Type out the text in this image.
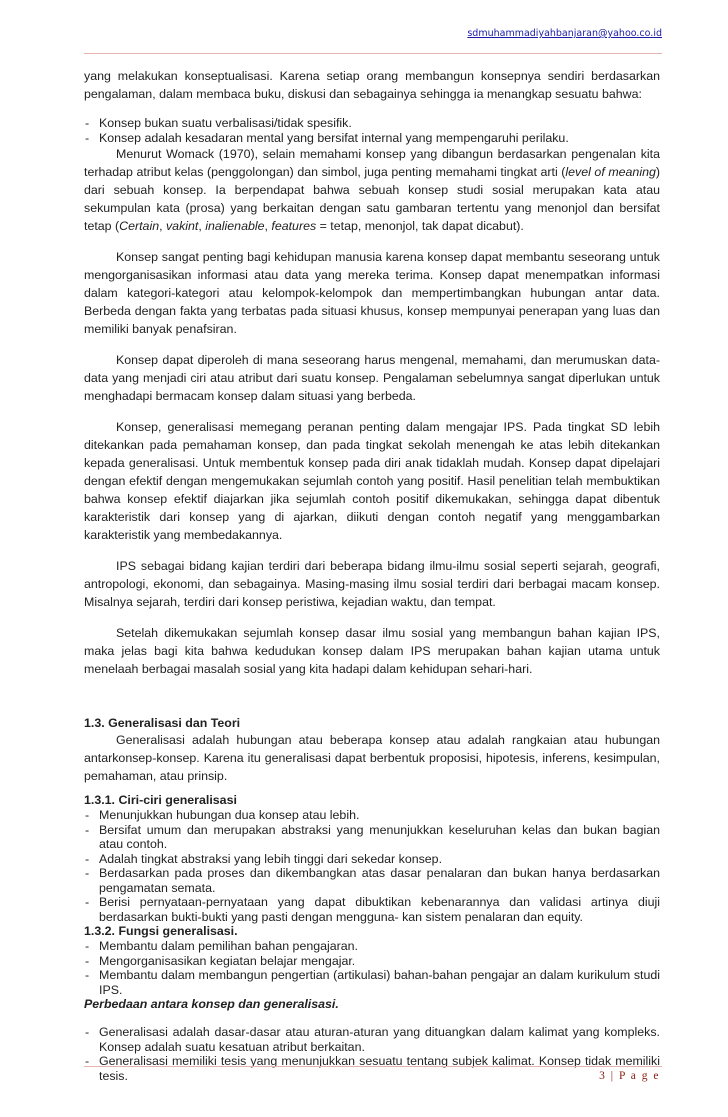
sdmuhammadiyahbanjaran@yahoo.co.id

yang melakukan konseptualisasi. Karena setiap orang membangun konsepnya sendiri berdasarkan pengalaman, dalam membaca buku, diskusi dan sebagainya sehingga ia menangkap sesuatu bahwa:

- Konsep bukan suatu verbalisasi/tidak spesifik.
- Konsep adalah kesadaran mental yang bersifat internal yang mempengaruhi perilaku.

Menurut Womack (1970), selain memahami konsep yang dibangun berdasarkan pengenalan kita terhadap atribut kelas (penggolongan) dan simbol, juga penting memahami tingkat arti (level of meaning) dari sebuah konsep. Ia berpendapat bahwa sebuah konsep studi sosial merupakan kata atau sekumpulan kata (prosa) yang berkaitan dengan satu gambaran tertentu yang menonjol dan bersifat tetap (Certain, vakint, inalienable, features = tetap, menonjol, tak dapat dicabut).

Konsep sangat penting bagi kehidupan manusia karena konsep dapat membantu seseorang untuk mengorganisasikan informasi atau data yang mereka terima. Konsep dapat menempatkan informasi dalam kategori-kategori atau kelompok-kelompok dan mempertimbangkan hubungan antar data. Berbeda dengan fakta yang terbatas pada situasi khusus, konsep mempunyai penerapan yang luas dan memiliki banyak penafsiran.

Konsep dapat diperoleh di mana seseorang harus mengenal, memahami, dan merumuskan data-data yang menjadi ciri atau atribut dari suatu konsep. Pengalaman sebelumnya sangat diperlukan untuk menghadapi bermacam konsep dalam situasi yang berbeda.

Konsep, generalisasi memegang peranan penting dalam mengajar IPS. Pada tingkat SD lebih ditekankan pada pemahaman konsep, dan pada tingkat sekolah menengah ke atas lebih ditekankan kepada generalisasi. Untuk membentuk konsep pada diri anak tidaklah mudah. Konsep dapat dipelajari dengan efektif dengan mengemukakan sejumlah contoh yang positif. Hasil penelitian telah membuktikan bahwa konsep efektif diajarkan jika sejumlah contoh positif dikemukakan, sehingga dapat dibentuk karakteristik dari konsep yang di ajarkan, diikuti dengan contoh negatif yang menggambarkan karakteristik yang membedakannya.

IPS sebagai bidang kajian terdiri dari beberapa bidang ilmu-ilmu sosial seperti sejarah, geografi, antropologi, ekonomi, dan sebagainya. Masing-masing ilmu sosial terdiri dari berbagai macam konsep. Misalnya sejarah, terdiri dari konsep peristiwa, kejadian waktu, dan tempat.

Setelah dikemukakan sejumlah konsep dasar ilmu sosial yang membangun bahan kajian IPS, maka jelas bagi kita bahwa kedudukan konsep dalam IPS merupakan bahan kajian utama untuk menelaah berbagai masalah sosial yang kita hadapi dalam kehidupan sehari-hari.

1.3. Generalisasi dan Teori

Generalisasi adalah hubungan atau beberapa konsep atau adalah rangkaian atau hubungan antarkonsep-konsep. Karena itu generalisasi dapat berbentuk proposisi, hipotesis, inferens, kesimpulan, pemahaman, atau prinsip.

1.3.1. Ciri-ciri generalisasi
- Menunjukkan hubungan dua konsep atau lebih.
- Bersifat umum dan merupakan abstraksi yang menunjukkan keseluruhan kelas dan bukan bagian atau contoh.
- Adalah tingkat abstraksi yang lebih tinggi dari sekedar konsep.
- Berdasarkan pada proses dan dikembangkan atas dasar penalaran dan bukan hanya berdasarkan pengamatan semata.
- Berisi pernyataan-pernyataan yang dapat dibuktikan kebenarannya dan validasi artinya diuji berdasarkan bukti-bukti yang pasti dengan mengguna- kan sistem penalaran dan equity.
1.3.2. Fungsi generalisasi.
- Membantu dalam pemilihan bahan pengajaran.
- Mengorganisasikan kegiatan belajar mengajar.
- Membantu dalam membangun pengertian (artikulasi) bahan-bahan pengajar an dalam kurikulum studi IPS.
Perbedaan antara konsep dan generalisasi.
- Generalisasi adalah dasar-dasar atau aturan-aturan yang dituangkan dalam kalimat yang kompleks. Konsep adalah suatu kesatuan atribut berkaitan.
- Generalisasi memiliki tesis yang menunjukkan sesuatu tentang subjek kalimat. Konsep tidak memiliki tesis.	3 | P a g e
